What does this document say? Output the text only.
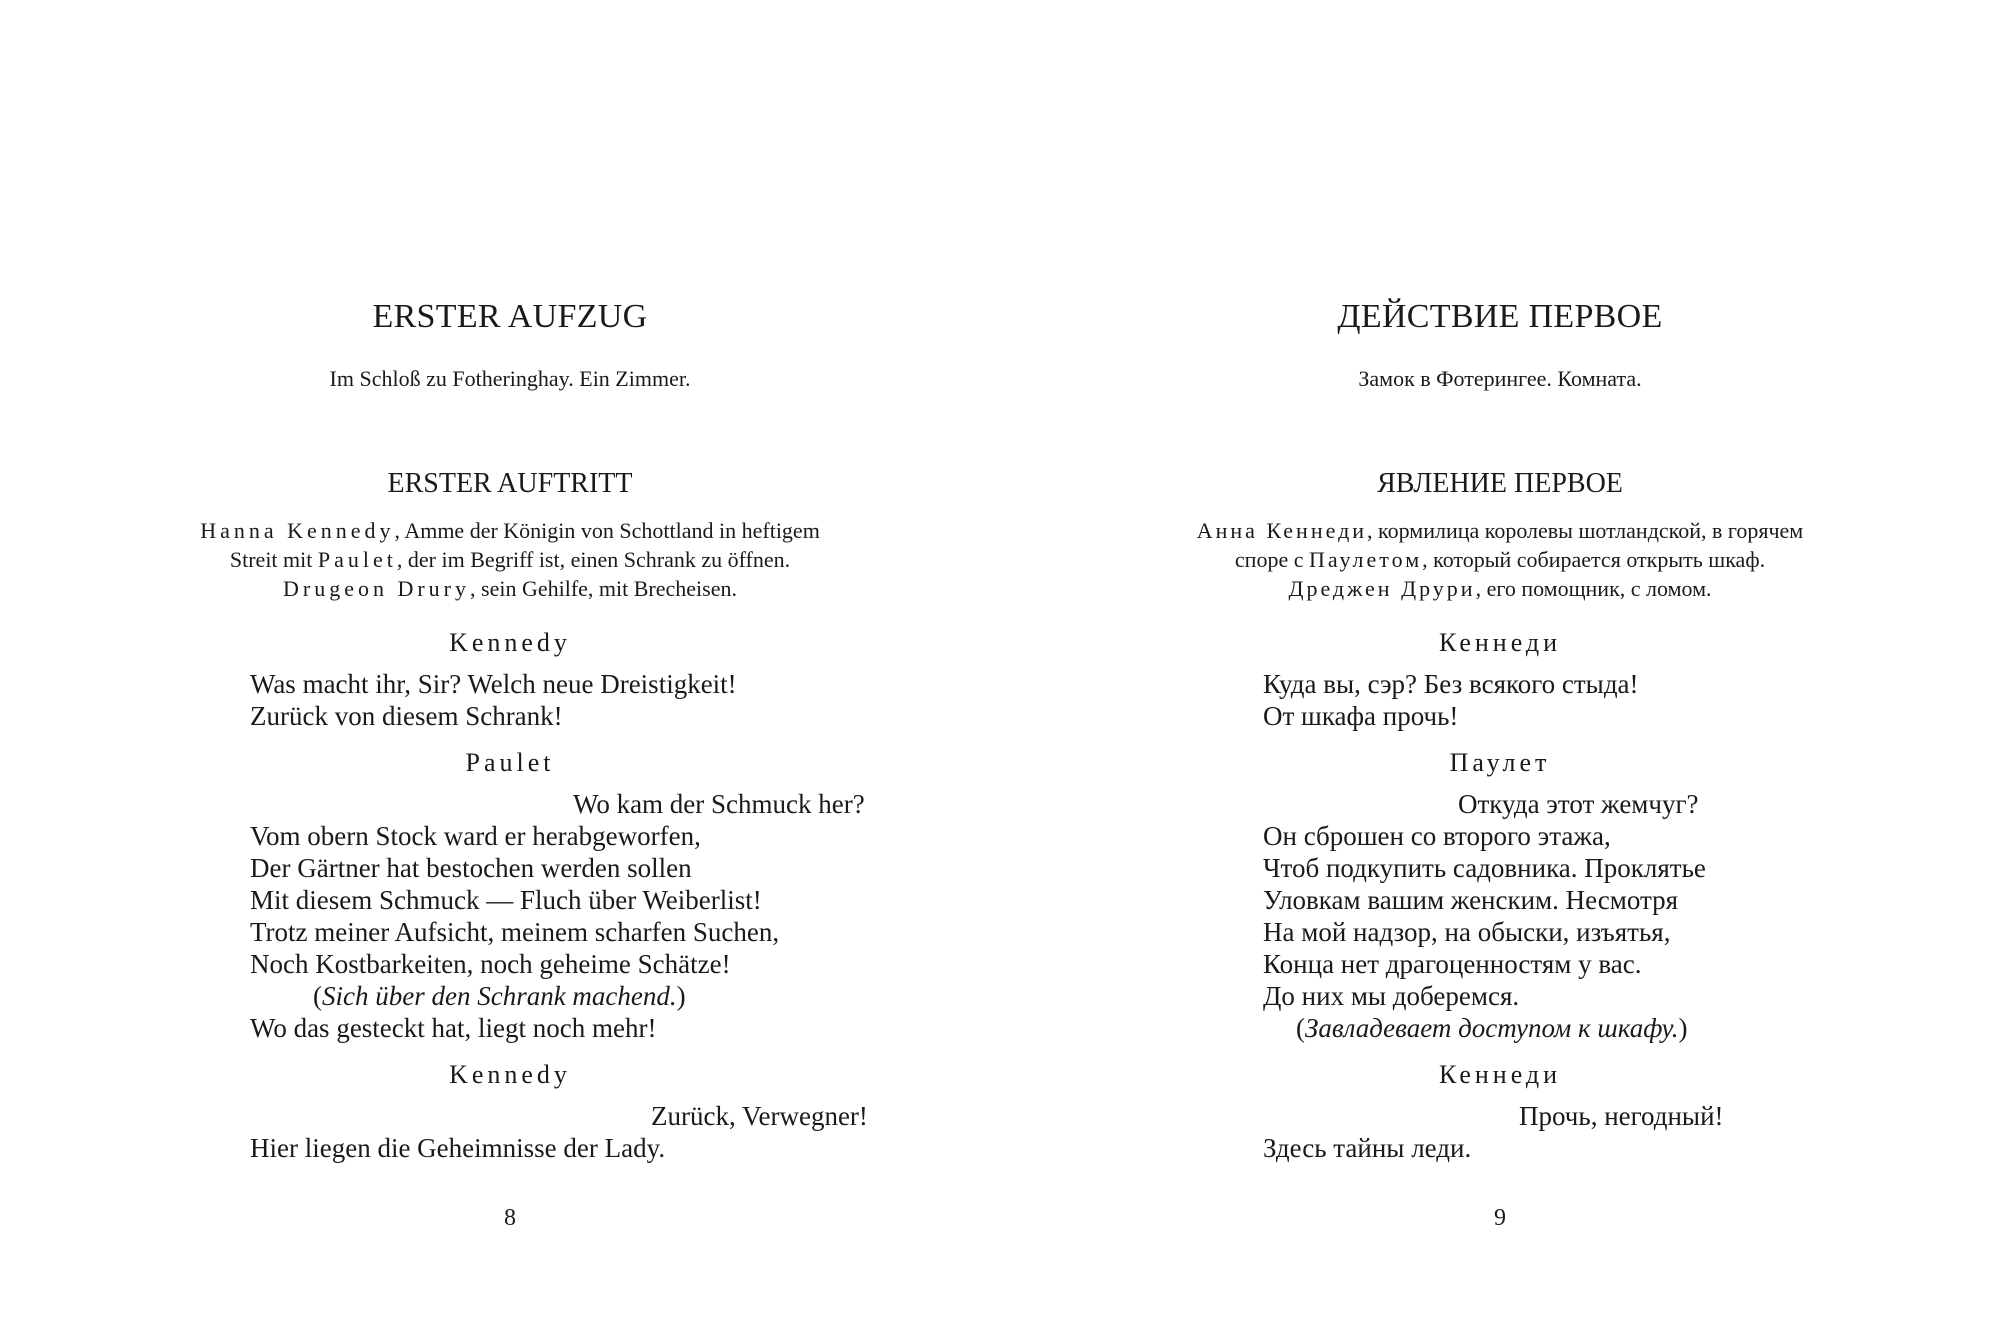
ERSTER AUFZUG
Im Schloß zu Fotheringhay. Ein Zimmer.
ERSTER AUFTRITT
Hanna Kennedy, Amme der Königin von Schottland in heftigem
Streit mit Paulet, der im Begriff ist, einen Schrank zu öffnen.
Drugeon Drury, sein Gehilfe, mit Brecheisen.
Kennedy
Was macht ihr, Sir? Welch neue Dreistigkeit!
Zurück von diesem Schrank!
Paulet
Wo kam der Schmuck her?
Vom obern Stock ward er herabgeworfen,
Der Gärtner hat bestochen werden sollen
Mit diesem Schmuck — Fluch über Weiberlist!
Trotz meiner Aufsicht, meinem scharfen Suchen,
Noch Kostbarkeiten, noch geheime Schätze!
(Sich über den Schrank machend.)
Wo das gesteckt hat, liegt noch mehr!
Kennedy
Zurück, Verwegner!
Hier liegen die Geheimnisse der Lady.
8
ДЕЙСТВИЕ ПЕРВОЕ
Замок в Фотерингее. Комната.
ЯВЛЕНИЕ ПЕРВОЕ
Анна Кеннеди, кормилица королевы шотландской, в горячем
споре с Паулетом, который собирается открыть шкаф.
Дреджен Друри, его помощник, с ломом.
Кеннеди
Куда вы, сэр? Без всякого стыда!
От шкафа прочь!
Паулет
Откуда этот жемчуг?
Он сброшен со второго этажа,
Чтоб подкупить садовника. Проклятье
Уловкам вашим женским. Несмотря
На мой надзор, на обыски, изъятья,
Конца нет драгоценностям у вас.
До них мы доберемся.
(Завладевает доступом к шкафу.)
Кеннеди
Прочь, негодный!
Здесь тайны леди.
9
